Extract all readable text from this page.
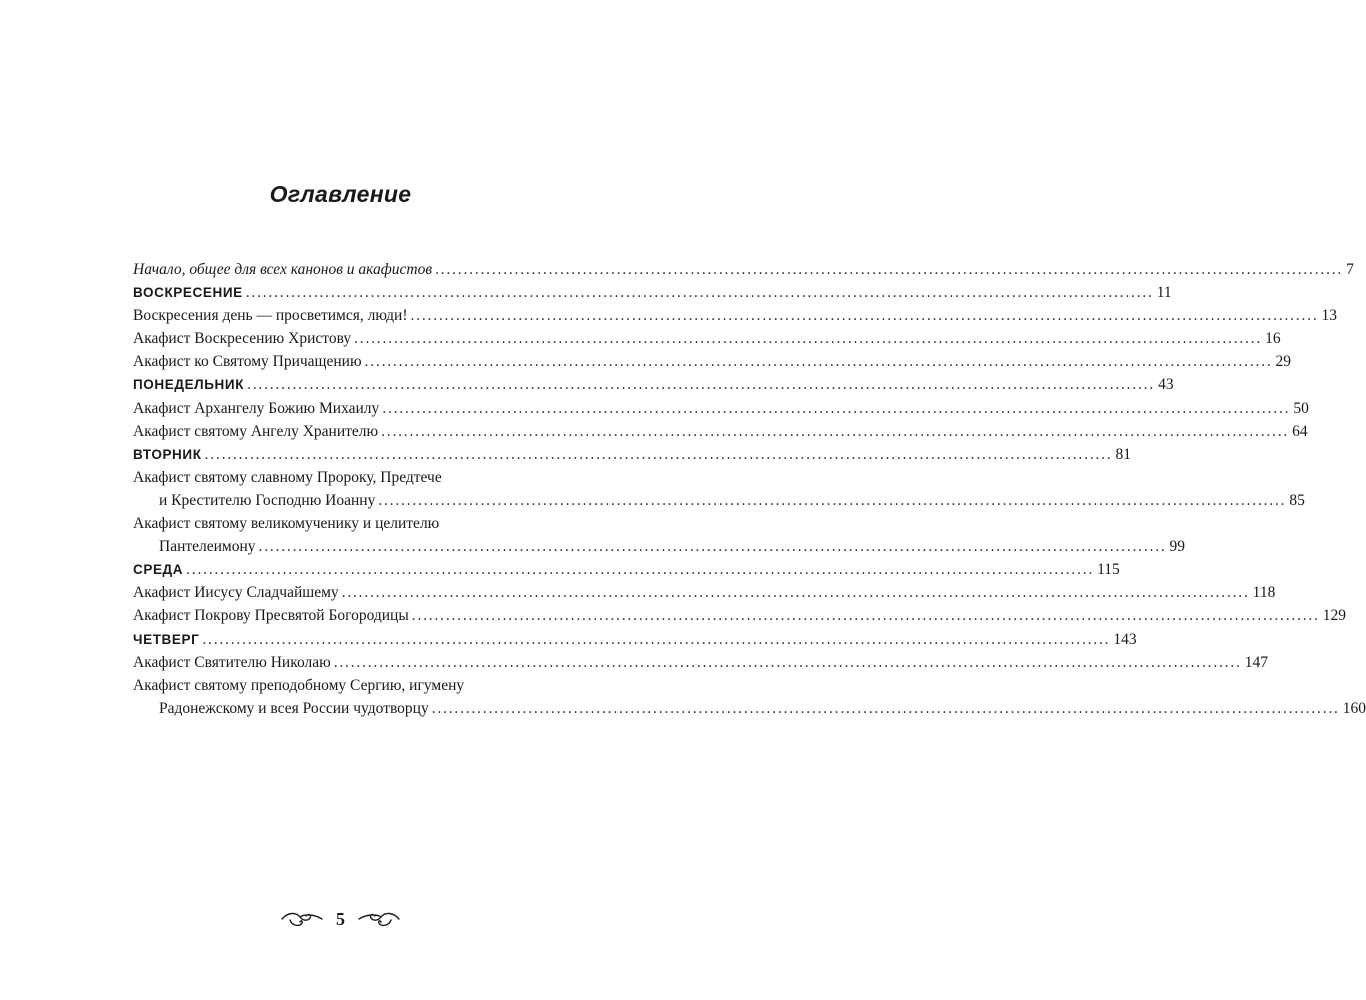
Оглавление
Начало, общее для всех канонов и акафистов ................................................................................................................................................................ 7
ВОСКРЕСЕНИЕ ................................................................................................................................................................ 11
Воскресения день — просветимся, люди! ................................................................................................................................................................ 13
Акафист Воскресению Христову ................................................................................................................................................................ 16
Акафист ко Святому Причащению ................................................................................................................................................................ 29
ПОНЕДЕЛЬНИК ................................................................................................................................................................ 43
Акафист Архангелу Божию Михаилу ................................................................................................................................................................ 50
Акафист святому Ангелу Хранителю ................................................................................................................................................................ 64
ВТОРНИК ................................................................................................................................................................ 81
Акафист святому славному Пророку, Предтече
и Крестителю Господню Иоанну ................................................................................................................................................................ 85
Акафист святому великомученику и целителю
Пантелеимону ................................................................................................................................................................ 99
СРЕДА ................................................................................................................................................................ 115
Акафист Иисусу Сладчайшему ................................................................................................................................................................ 118
Акафист Покрову Пресвятой Богородицы ................................................................................................................................................................ 129
ЧЕТВЕРГ ................................................................................................................................................................ 143
Акафист Святителю Николаю ................................................................................................................................................................ 147
Акафист святому преподобному Сергию, игумену
Радонежскому и всея России чудотворцу ................................................................................................................................................................ 160
5
